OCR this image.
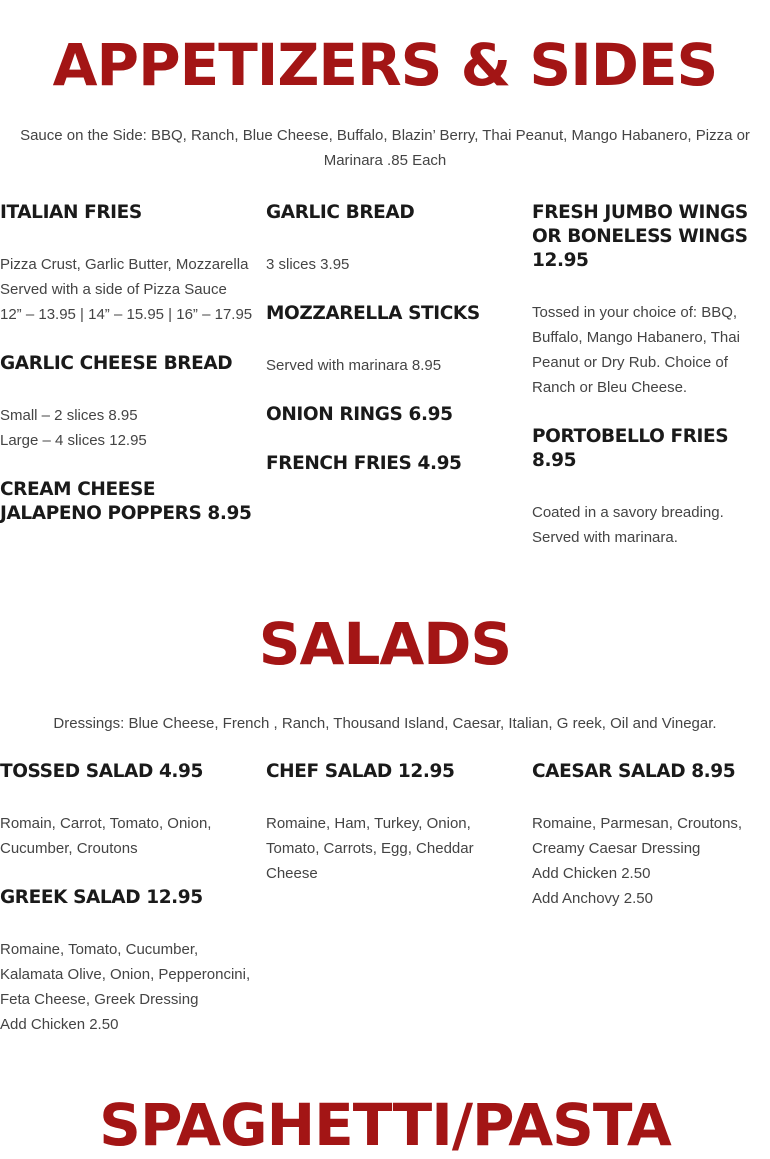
APPETIZERS & SIDES

Sauce on the Side: BBQ, Ranch, Blue Cheese, Buffalo, Blazin’ Berry, Thai Peanut, Mango Habanero, Pizza or Marinara .85 Each

ITALIAN FRIES
Pizza Crust, Garlic Butter, Mozzarella Served with a side of Pizza Sauce
12” – 13.95 | 14” – 15.95 | 16” – 17.95
GARLIC CHEESE BREAD
Small – 2 slices 8.95
Large – 4 slices 12.95
CREAM CHEESE JALAPENO POPPERS 8.95
GARLIC BREAD
3 slices 3.95
MOZZARELLA STICKS
Served with marinara 8.95
ONION RINGS 6.95
FRENCH FRIES 4.95
FRESH JUMBO WINGS OR BONELESS WINGS 12.95
Tossed in your choice of: BBQ, Buffalo, Mango Habanero, Thai Peanut or Dry Rub. Choice of Ranch or Bleu Cheese.
PORTOBELLO FRIES 8.95
Coated in a savory breading. Served with marinara.
SALADS

Dressings: Blue Cheese, French , Ranch, Thousand Island, Caesar, Italian, G reek, Oil and Vinegar.

TOSSED SALAD 4.95
Romain, Carrot, Tomato, Onion, Cucumber, Croutons
GREEK SALAD 12.95
Romaine, Tomato, Cucumber, Kalamata Olive, Onion, Pepperoncini, Feta Cheese, Greek Dressing
Add Chicken 2.50
CHEF SALAD 12.95
Romaine, Ham, Turkey, Onion, Tomato, Carrots, Egg, Cheddar Cheese
CAESAR SALAD 8.95
Romaine, Parmesan, Croutons, Creamy Caesar Dressing
Add Chicken 2.50
Add Anchovy 2.50
SPAGHETTI/PASTA
